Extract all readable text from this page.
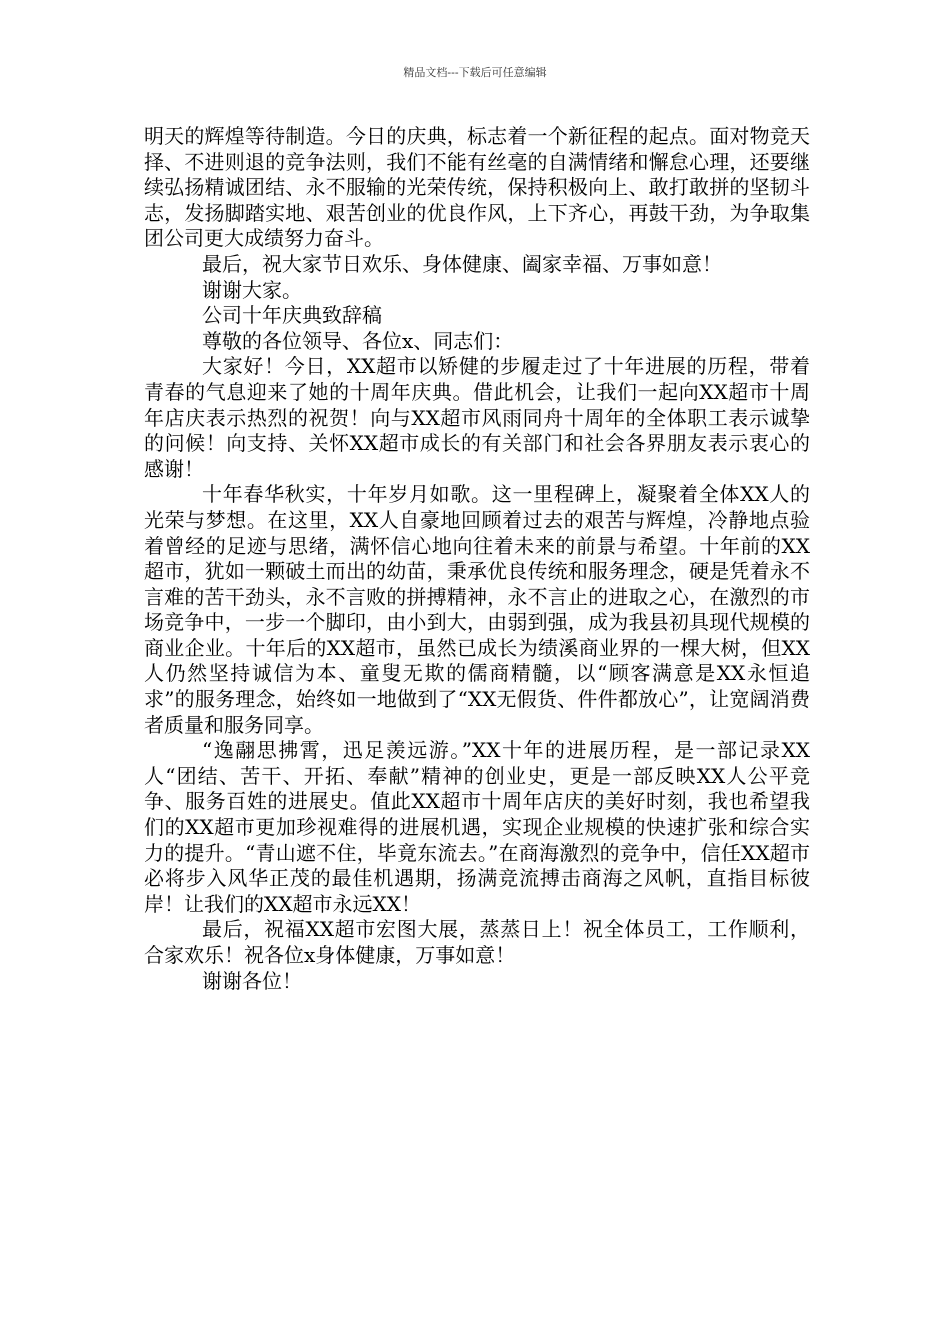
精品文档---下载后可任意编辑

明天的辉煌等待制造。今日的庆典，标志着一个新征程的起点。面对物竞天择、不进则退的竞争法则，我们不能有丝毫的自满情绪和懈怠心理，还要继续弘扬精诚团结、永不服输的光荣传统，保持积极向上、敢打敢拼的坚韧斗志，发扬脚踏实地、艰苦创业的优良作风，上下齐心，再鼓干劲，为争取集团公司更大成绩努力奋斗。

最后，祝大家节日欢乐、身体健康、阖家幸福、万事如意！

谢谢大家。

公司十年庆典致辞稿

尊敬的各位领导、各位x、同志们：

大家好！今日，XX超市以矫健的步履走过了十年进展的历程，带着青春的气息迎来了她的十周年庆典。借此机会，让我们一起向XX超市十周年店庆表示热烈的祝贺！向与XX超市风雨同舟十周年的全体职工表示诚挚的问候！向支持、关怀XX超市成长的有关部门和社会各界朋友表示衷心的感谢！

十年春华秋实，十年岁月如歌。这一里程碑上，凝聚着全体XX人的光荣与梦想。在这里，XX人自豪地回顾着过去的艰苦与辉煌，冷静地点验着曾经的足迹与思绪，满怀信心地向往着未来的前景与希望。十年前的XX超市，犹如一颗破土而出的幼苗，秉承优良传统和服务理念，硬是凭着永不言难的苦干劲头，永不言败的拼搏精神，永不言止的进取之心，在激烈的市场竞争中，一步一个脚印，由小到大，由弱到强，成为我县初具现代规模的商业企业。十年后的XX超市，虽然已成长为绩溪商业界的一棵大树，但XX人仍然坚持诚信为本、童叟无欺的儒商精髓，以“顾客满意是XX永恒追求”的服务理念，始终如一地做到了“XX无假货、件件都放心”，让宽阔消费者质量和服务同享。

“逸翮思拂霄，迅足羡远游。”XX十年的进展历程，是一部记录XX人“团结、苦干、开拓、奉献”精神的创业史，更是一部反映XX人公平竞争、服务百姓的进展史。值此XX超市十周年店庆的美好时刻，我也希望我们的XX超市更加珍视难得的进展机遇，实现企业规模的快速扩张和综合实力的提升。“青山遮不住，毕竟东流去。”在商海激烈的竞争中，信任XX超市必将步入风华正茂的最佳机遇期，扬满竞流搏击商海之风帆，直指目标彼岸！让我们的XX超市永远XX！

最后，祝福XX超市宏图大展，蒸蒸日上！祝全体员工，工作顺利，合家欢乐！祝各位x身体健康，万事如意！

谢谢各位！
